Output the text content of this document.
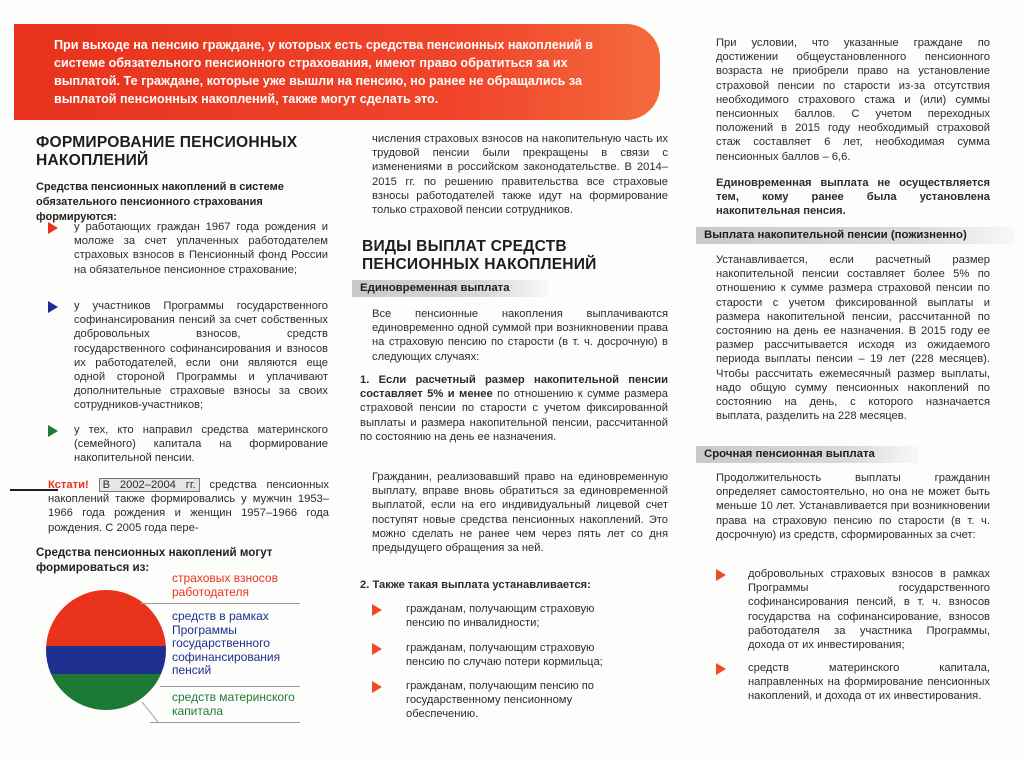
При выходе на пенсию граждане, у которых есть средства пенсионных накоплений в системе обязательного пенсионного страхования, имеют право обратиться за их выплатой. Те граждане, которые уже вышли на пенсию, но ранее не обращались за выплатой пенсионных накоплений, также могут сделать это.
ФОРМИРОВАНИЕ ПЕНСИОННЫХ НАКОПЛЕНИЙ
Средства пенсионных накоплений в системе обязательного пенсионного страхования формируются:
у работающих граждан 1967 года рождения и моложе за счет уплаченных работодателем страховых взносов в Пенсионный фонд России на обязательное пенсионное страхование;
у участников Программы государственного софинансирования пенсий за счет собственных добровольных взносов, средств государственного софинансирования и взносов их работодателей, если они являются еще одной стороной Программы и уплачивают дополнительные страховые взносы за своих сотрудников-участников;
у тех, кто направил средства материнского (семейного) капитала на формирование накопительной пенсии.
Кстати! В 2002–2004 гг. средства пенсионных накоплений также формировались у мужчин 1953–1966 года рождения и женщин 1957–1966 года рождения. С 2005 года пере-
Средства пенсионных накоплений могут формироваться из:
страховых взносов работодателя
средств в рамках Программы государственного софинансирования пенсий
средств материнского капитала
числения страховых взносов на накопительную часть их трудовой пенсии были прекращены в связи с изменениями в российском законодательстве. В 2014–2015 гг. по решению правительства все страховые взносы работодателей также идут на формирование только страховой пенсии сотрудников.
ВИДЫ ВЫПЛАТ СРЕДСТВ ПЕНСИОННЫХ НАКОПЛЕНИЙ
Единовременная выплата
Все пенсионные накопления выплачиваются единовременно одной суммой при возникновении права на страховую пенсию по старости (в т. ч. досрочную) в следующих случаях:
1. Если расчетный размер накопительной пенсии составляет 5% и менее по отношению к сумме размера страховой пенсии по старости с учетом фиксированной выплаты и размера накопительной пенсии, рассчитанной по состоянию на день ее назначения.
Гражданин, реализовавший право на единовременную выплату, вправе вновь обратиться за единовременной выплатой, если на его индивидуальный лицевой счет поступят новые средства пенсионных накоплений. Это можно сделать не ранее чем через пять лет со дня предыдущего обращения за ней.
2. Также такая выплата устанавливается:
гражданам, получающим страховую пенсию по инвалидности;
гражданам, получающим страховую пенсию по случаю потери кормильца;
гражданам, получающим пенсию по государственному пенсионному обеспечению.
При условии, что указанные граждане по достижении общеустановленного пенсионного возраста не приобрели право на установление страховой пенсии по старости из-за отсутствия необходимого страхового стажа и (или) суммы пенсионных баллов. С учетом переходных положений в 2015 году необходимый страховой стаж составляет 6 лет, необходимая сумма пенсионных баллов – 6,6.
Единовременная выплата не осуществляется тем, кому ранее была установлена накопительная пенсия.
Выплата накопительной пенсии (пожизненно)
Устанавливается, если расчетный размер накопительной пенсии составляет более 5% по отношению к сумме размера страховой пенсии по старости с учетом фиксированной выплаты и размера накопительной пенсии, рассчитанной по состоянию на день ее назначения. В 2015 году ее размер рассчитывается исходя из ожидаемого периода выплаты пенсии – 19 лет (228 месяцев). Чтобы рассчитать ежемесячный размер выплаты, надо общую сумму пенсионных накоплений по состоянию на день, с которого назначается выплата, разделить на 228 месяцев.
Срочная пенсионная выплата
Продолжительность выплаты гражданин определяет самостоятельно, но она не может быть меньше 10 лет. Устанавливается при возникновении права на страховую пенсию по старости (в т. ч. досрочную) из средств, сформированных за счет:
добровольных страховых взносов в рамках Программы государственного софинансирования пенсий, в т. ч. взносов государства на софинансирование, взносов работодателя за участника Программы, дохода от их инвестирования;
средств материнского капитала, направленных на формирование пенсионных накоплений, и дохода от их инвестирования.
